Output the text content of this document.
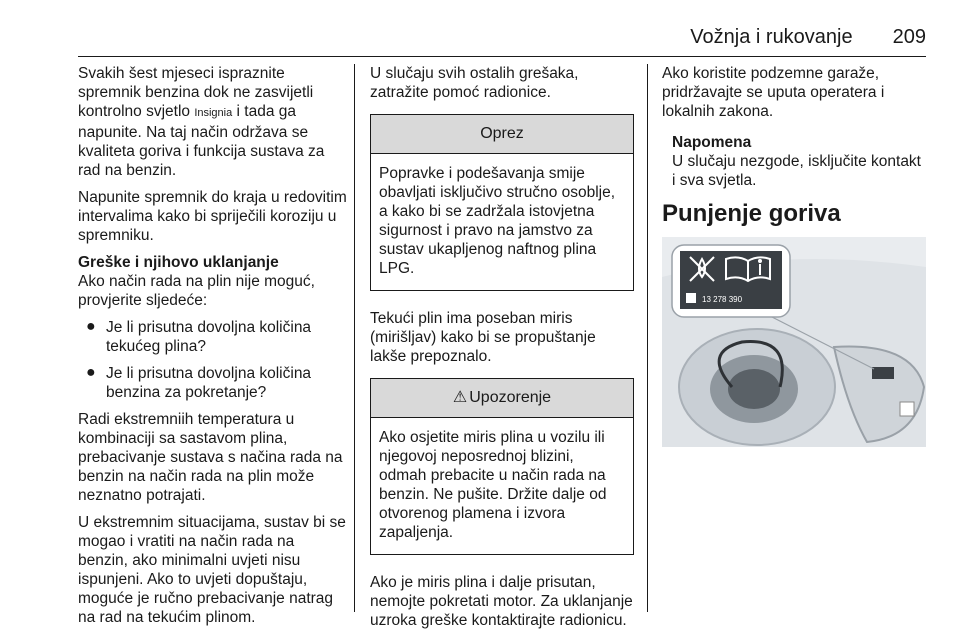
Vožnja i rukovanje 209

Svakih šest mjeseci ispraznite spremnik benzina dok ne zasvijetli kontrolno svjetlo Insignia i tada ga napunite. Na taj način održava se kvaliteta goriva i funkcija sustava za rad na benzin.

Napunite spremnik do kraja u redovitim intervalima kako bi spriječili koroziju u spremniku.

Greške i njihovo uklanjanje

Ako način rada na plin nije moguć, provjerite sljedeće:

● Je li prisutna dovoljna količina tekućeg plina?
● Je li prisutna dovoljna količina benzina za pokretanje?

Radi ekstremniih temperatura u kombinaciji sa sastavom plina, prebacivanje sustava s načina rada na benzin na način rada na plin može neznatno potrajati.

U ekstremnim situacijama, sustav bi se mogao i vratiti na način rada na benzin, ako minimalni uvjeti nisu ispunjeni. Ako to uvjeti dopuštaju, moguće je ručno prebacivanje natrag na rad na tekućim plinom.

U slučaju svih ostalih grešaka, zatražite pomoć radionice.

Oprez
Popravke i podešavanja smije obavljati isključivo stručno osoblje, a kako bi se zadržala istovjetna sigurnost i pravo na jamstvo za sustav ukapljenog naftnog plina LPG.

Tekući plin ima poseban miris (mirišljav) kako bi se propuštanje lakše prepoznalo.

⚠ Upozorenje
Ako osjetite miris plina u vozilu ili njegovoj neposrednoj blizini, odmah prebacite u način rada na benzin. Ne pušite. Držite dalje od otvorenog plamena i izvora zapaljenja.

Ako je miris plina i dalje prisutan, nemojte pokretati motor. Za uklanjanje uzroka greške kontaktirajte radionicu.

Ako koristite podzemne garaže, pridržavajte se uputa operatera i lokalnih zakona.

Napomena
U slučaju nezgode, isključite kontakt i sva svjetla.
Punjenje goriva
13 278 390
